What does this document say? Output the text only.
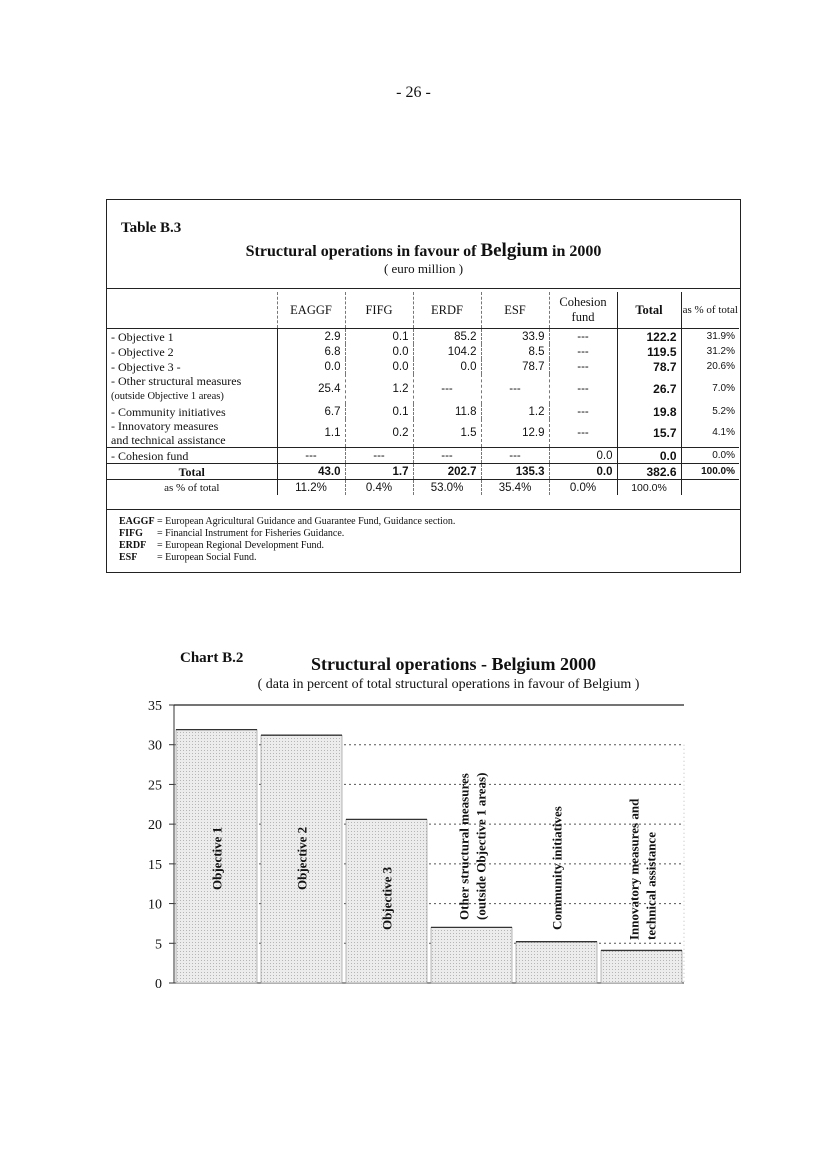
- 26 -
Table B.3
Structural operations in favour of Belgium in 2000
( euro million )
	EAGGF	FIFG	ERDF	ESF	Cohesion fund	Total	as % of total
- Objective 1	2.9	0.1	85.2	33.9	---	122.2	31.9%
- Objective 2	6.8	0.0	104.2	8.5	---	119.5	31.2%
- Objective 3 -	0.0	0.0	0.0	78.7	---	78.7	20.6%
- Other structural measures
(outside Objective 1 areas)	25.4	1.2	---	---	---	26.7	7.0%
- Community initiatives	6.7	0.1	11.8	1.2	---	19.8	5.2%
- Innovatory measures
and technical assistance	1.1	0.2	1.5	12.9	---	15.7	4.1%
- Cohesion fund	---	---	---	---	0.0	0.0	0.0%
Total	43.0	1.7	202.7	135.3	0.0	382.6	100.0%
as % of total	11.2%	0.4%	53.0%	35.4%	0.0%	100.0%	
EAGGF = European Agricultural Guidance and Guarantee Fund, Guidance section.
FIFG = Financial Instrument for Fisheries Guidance.
ERDF = European Regional Development Fund.
ESF = European Social Fund.
Chart B.2	Structural operations - Belgium 2000
( data in percent of total structural operations in favour of Belgium )
0
5
10
15
20
25
30
35
Objective 1	Objective 2
Objective 3	Other structural measures (outside Objective 1 areas)	Community initiatives	Innovatory measures and technical assistance
